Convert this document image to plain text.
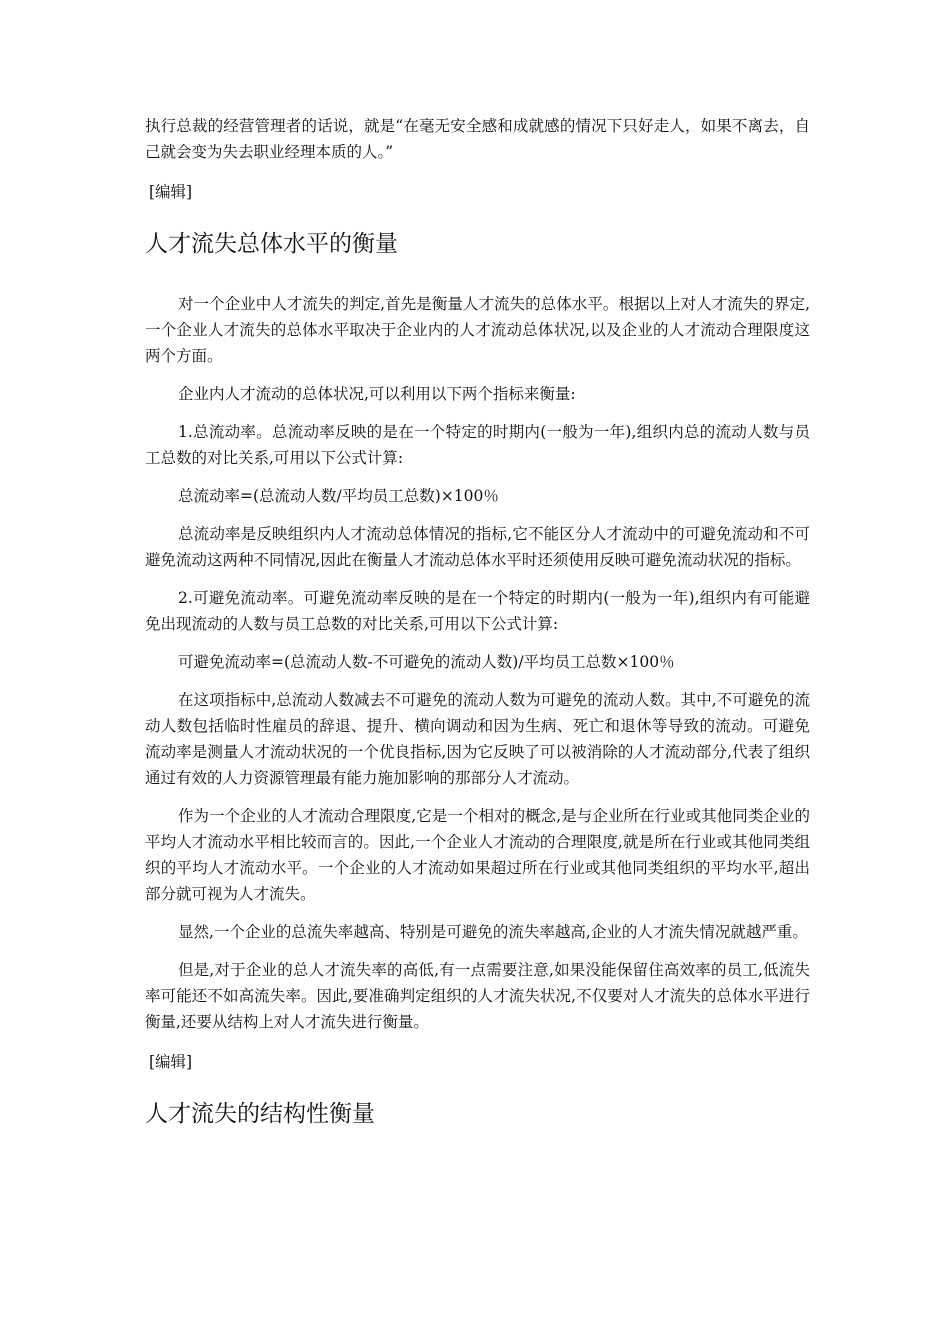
执行总裁的经营管理者的话说，就是“在毫无安全感和成就感的情况下只好走人，如果不离去，自己就会变为失去职业经理本质的人。”

[编辑]

人才流失总体水平的衡量

对一个企业中人才流失的判定,首先是衡量人才流失的总体水平。根据以上对人才流失的界定,一个企业人才流失的总体水平取决于企业内的人才流动总体状况,以及企业的人才流动合理限度这两个方面。

企业内人才流动的总体状况,可以利用以下两个指标来衡量:

1.总流动率。总流动率反映的是在一个特定的时期内(一般为一年),组织内总的流动人数与员工总数的对比关系,可用以下公式计算:

总流动率=(总流动人数/平均员工总数)×100％

总流动率是反映组织内人才流动总体情况的指标,它不能区分人才流动中的可避免流动和不可避免流动这两种不同情况,因此在衡量人才流动总体水平时还须使用反映可避免流动状况的指标。

2.可避免流动率。可避免流动率反映的是在一个特定的时期内(一般为一年),组织内有可能避免出现流动的人数与员工总数的对比关系,可用以下公式计算:

可避免流动率=(总流动人数-不可避免的流动人数)/平均员工总数×100％

在这项指标中,总流动人数减去不可避免的流动人数为可避免的流动人数。其中,不可避免的流动人数包括临时性雇员的辞退、提升、横向调动和因为生病、死亡和退休等导致的流动。可避免流动率是测量人才流动状况的一个优良指标,因为它反映了可以被消除的人才流动部分,代表了组织通过有效的人力资源管理最有能力施加影响的那部分人才流动。

作为一个企业的人才流动合理限度,它是一个相对的概念,是与企业所在行业或其他同类企业的平均人才流动水平相比较而言的。因此,一个企业人才流动的合理限度,就是所在行业或其他同类组织的平均人才流动水平。一个企业的人才流动如果超过所在行业或其他同类组织的平均水平,超出部分就可视为人才流失。

显然,一个企业的总流失率越高、特别是可避免的流失率越高,企业的人才流失情况就越严重。

但是,对于企业的总人才流失率的高低,有一点需要注意,如果没能保留住高效率的员工,低流失率可能还不如高流失率。因此,要准确判定组织的人才流失状况,不仅要对人才流失的总体水平进行衡量,还要从结构上对人才流失进行衡量。

[编辑]

人才流失的结构性衡量
